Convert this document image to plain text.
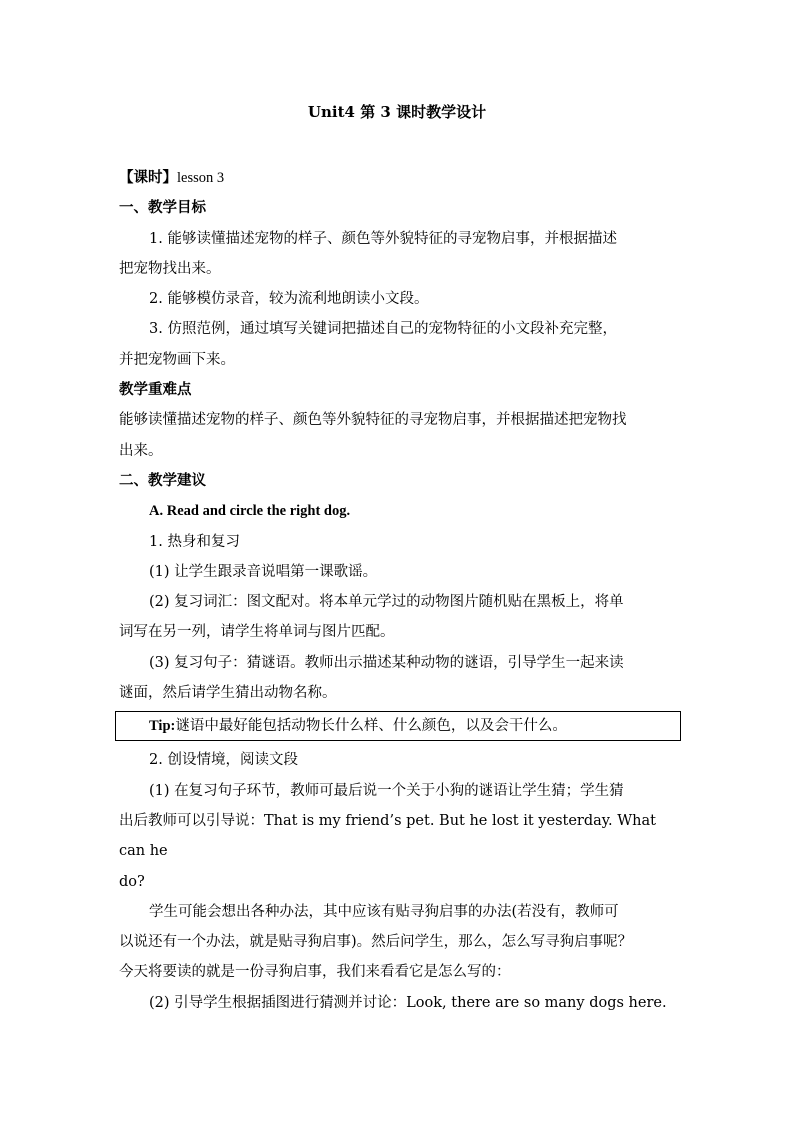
Unit4 第 3 课时教学设计

【课时】lesson 3

一、教学目标

1. 能够读懂描述宠物的样子、颜色等外貌特征的寻宠物启事，并根据描述

把宠物找出来。

2. 能够模仿录音，较为流利地朗读小文段。

3. 仿照范例，通过填写关键词把描述自己的宠物特征的小文段补充完整，

并把宠物画下来。

教学重难点

能够读懂描述宠物的样子、颜色等外貌特征的寻宠物启事，并根据描述把宠物找

出来。

二、教学建议

A. Read and circle the right dog.

1. 热身和复习

(1) 让学生跟录音说唱第一课歌谣。

(2) 复习词汇：图文配对。将本单元学过的动物图片随机贴在黑板上，将单

词写在另一列，请学生将单词与图片匹配。

(3) 复习句子：猜谜语。教师出示描述某种动物的谜语，引导学生一起来读

谜面，然后请学生猜出动物名称。

Tip:谜语中最好能包括动物长什么样、什么颜色，以及会干什么。

2. 创设情境，阅读文段

(1) 在复习句子环节，教师可最后说一个关于小狗的谜语让学生猜；学生猜

出后教师可以引导说：That is my friend’s pet. But he lost it yesterday. What can he

do?

学生可能会想出各种办法，其中应该有贴寻狗启事的办法(若没有，教师可

以说还有一个办法，就是贴寻狗启事)。然后问学生，那么，怎么写寻狗启事呢？

今天将要读的就是一份寻狗启事，我们来看看它是怎么写的：

(2) 引导学生根据插图进行猜测并讨论：Look, there are so many dogs here.
